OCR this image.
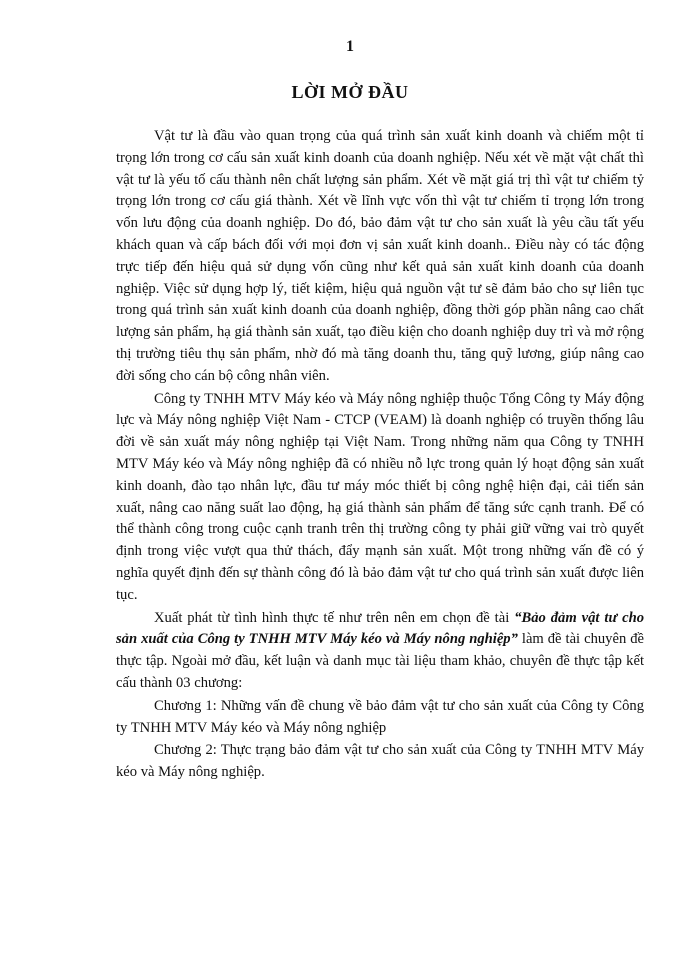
1
LỜI MỞ ĐẦU

Vật tư là đầu vào quan trọng của quá trình sản xuất kinh doanh và chiếm một tỉ trọng lớn trong cơ cấu sản xuất kinh doanh của doanh nghiệp. Nếu xét về mặt vật chất thì vật tư là yếu tố cấu thành nên chất lượng sản phẩm. Xét về mặt giá trị thì vật tư chiếm tỷ trọng lớn trong cơ cấu giá thành. Xét về lĩnh vực vốn thì vật tư chiếm tỉ trọng lớn trong vốn lưu động của doanh nghiệp. Do đó, bảo đảm vật tư cho sản xuất là yêu cầu tất yếu khách quan và cấp bách đối với mọi đơn vị sản xuất kinh doanh.. Điều này có tác động trực tiếp đến hiệu quả sử dụng vốn cũng như kết quả sản xuất kinh doanh của doanh nghiệp. Việc sử dụng hợp lý, tiết kiệm, hiệu quả nguồn vật tư sẽ đảm bảo cho sự liên tục trong quá trình sản xuất kinh doanh của doanh nghiệp, đồng thời góp phần nâng cao chất lượng sản phẩm, hạ giá thành sản xuất, tạo điều kiện cho doanh nghiệp duy trì và mở rộng thị trường tiêu thụ sản phẩm, nhờ đó mà tăng doanh thu, tăng quỹ lương, giúp nâng cao đời sống cho cán bộ công nhân viên.

Công ty TNHH MTV Máy kéo và Máy nông nghiệp thuộc Tổng Công ty Máy động lực và Máy nông nghiệp Việt Nam - CTCP (VEAM) là doanh nghiệp có truyền thống lâu đời về sản xuất máy nông nghiệp tại Việt Nam. Trong những năm qua Công ty TNHH MTV Máy kéo và Máy nông nghiệp đã có nhiều nỗ lực trong quản lý hoạt động sản xuất kinh doanh, đào tạo nhân lực, đầu tư máy móc thiết bị công nghệ hiện đại, cải tiến sản xuất, nâng cao năng suất lao động, hạ giá thành sản phẩm để tăng sức cạnh tranh. Để có thể thành công trong cuộc cạnh tranh trên thị trường công ty phải giữ vững vai trò quyết định trong việc vượt qua thử thách, đẩy mạnh sản xuất. Một trong những vấn đề có ý nghĩa quyết định đến sự thành công đó là bảo đảm vật tư cho quá trình sản xuất được liên tục.

Xuất phát từ tình hình thực tế như trên nên em chọn đề tài “Bảo đảm vật tư cho sản xuất của Công ty TNHH MTV Máy kéo và Máy nông nghiệp” làm đề tài chuyên đề thực tập. Ngoài mở đầu, kết luận và danh mục tài liệu tham khảo, chuyên đề thực tập kết cấu thành 03 chương:

Chương 1: Những vấn đề chung về bảo đảm vật tư cho sản xuất của Công ty Công ty TNHH MTV Máy kéo và Máy nông nghiệp

Chương 2: Thực trạng bảo đảm vật tư cho sản xuất của Công ty TNHH MTV Máy kéo và Máy nông nghiệp.
